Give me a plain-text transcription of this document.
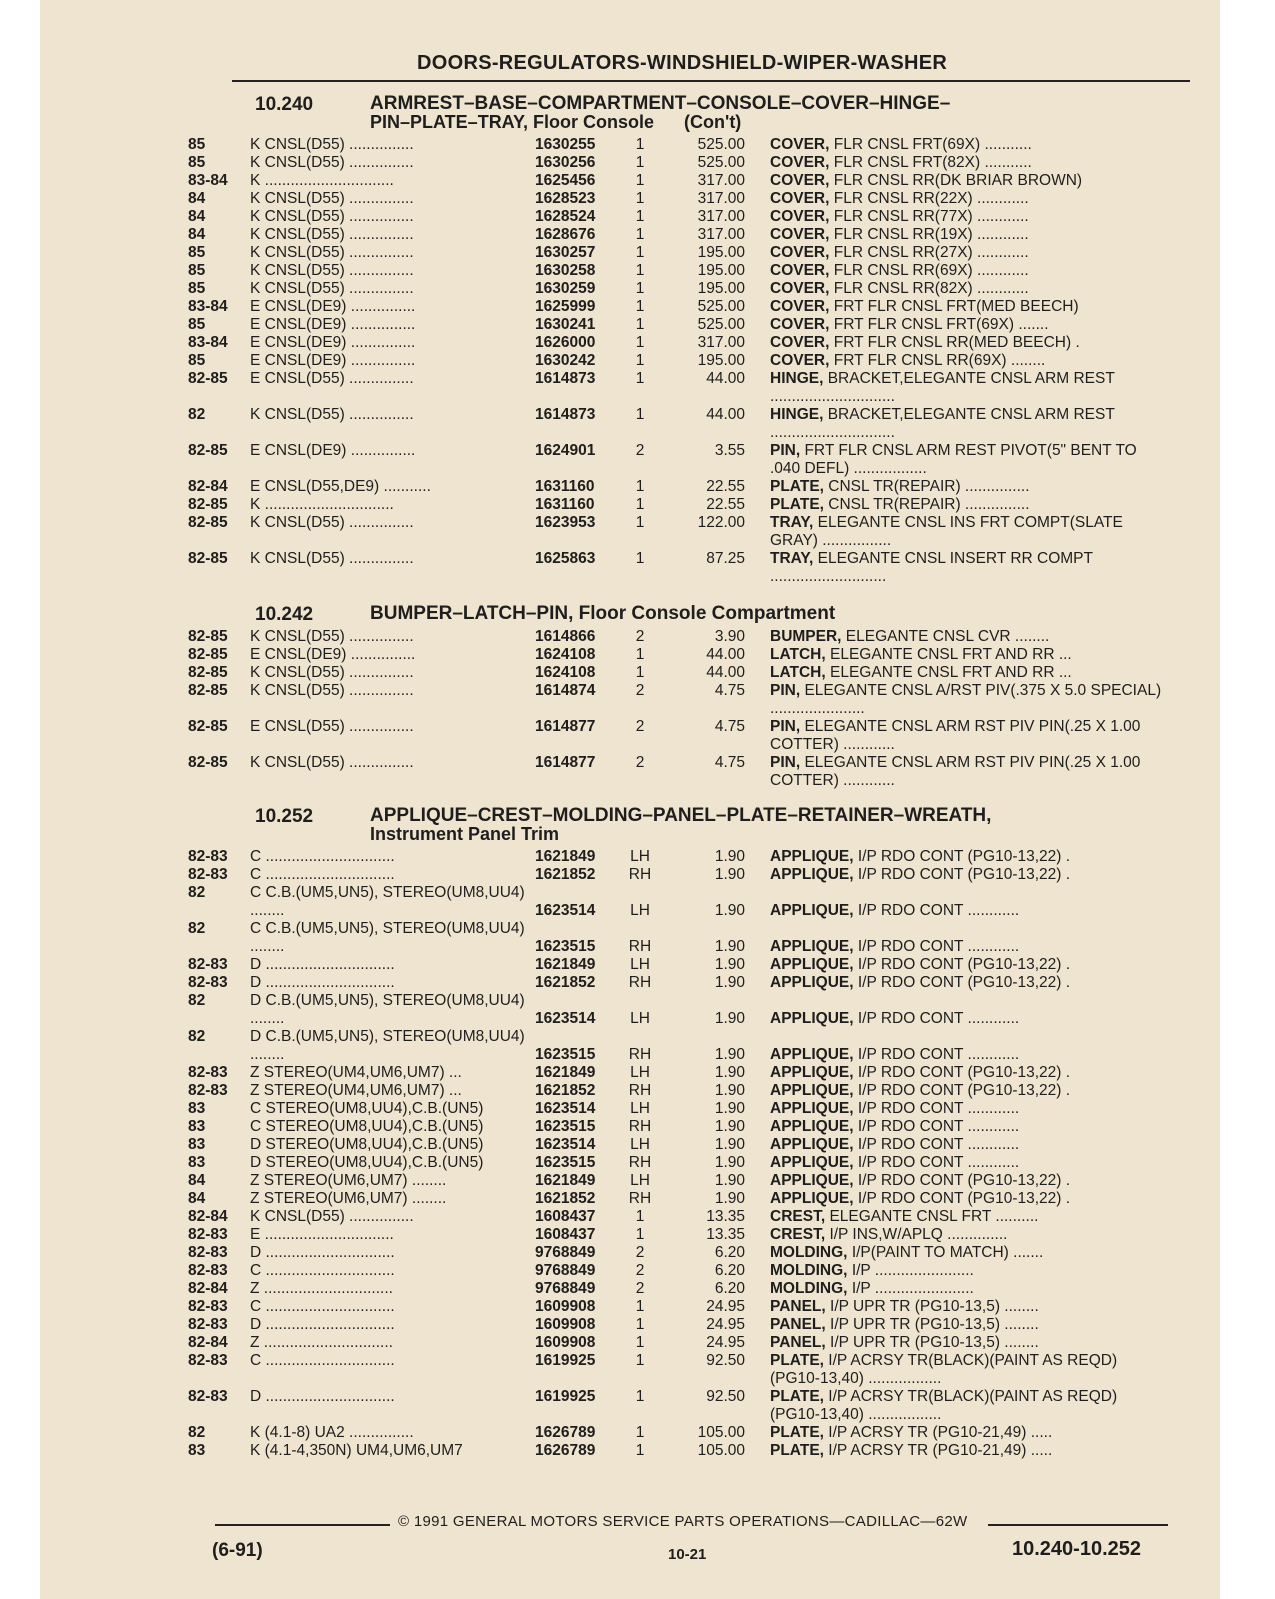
DOORS-REGULATORS-WINDSHIELD-WIPER-WASHER
10.240	ARMREST–BASE–COMPARTMENT–CONSOLE–COVER–HINGE–
PIN–PLATE–TRAY, Floor Console      (Con't)
85	K CNSL(D55) ...............	1630255	1	525.00 COVER, FLR CNSL FRT(69X) ...........
85	K CNSL(D55) ...............	1630256	1	525.00 COVER, FLR CNSL FRT(82X) ...........
83-84 K ..............................	1625456	1	317.00 COVER, FLR CNSL RR(DK BRIAR BROWN)
84	K CNSL(D55) ...............	1628523	1	317.00 COVER, FLR CNSL RR(22X) ............
84	K CNSL(D55) ...............	1628524	1	317.00 COVER, FLR CNSL RR(77X) ............
84	K CNSL(D55) ...............	1628676	1	317.00 COVER, FLR CNSL RR(19X) ............
85	K CNSL(D55) ...............	1630257	1	195.00 COVER, FLR CNSL RR(27X) ............
85	K CNSL(D55) ...............	1630258	1	195.00 COVER, FLR CNSL RR(69X) ............
85	K CNSL(D55) ...............	1630259	1	195.00 COVER, FLR CNSL RR(82X) ............
83-84 E CNSL(DE9) ...............	1625999	1	525.00 COVER, FRT FLR CNSL FRT(MED BEECH)
85	E CNSL(DE9) ...............	1630241	1	525.00 COVER, FRT FLR CNSL FRT(69X) .......
83-84 E CNSL(DE9) ...............	1626000	1	317.00 COVER, FRT FLR CNSL RR(MED BEECH) .
85	E CNSL(DE9) ...............	1630242	1	195.00 COVER, FRT FLR CNSL RR(69X) ........
82-85 E CNSL(D55) ...............	1614873	1	44.00 HINGE, BRACKET,ELEGANTE CNSL ARM REST .............................
82	K CNSL(D55) ...............	1614873	1	44.00 HINGE, BRACKET,ELEGANTE CNSL ARM REST .............................
82-85 E CNSL(DE9) ...............	1624901	2	3.55 PIN, FRT FLR CNSL ARM REST PIVOT(5" BENT TO .040 DEFL) .................
82-84 E CNSL(D55,DE9) ...........	1631160	1	22.55 PLATE, CNSL TR(REPAIR) ...............
82-85 K ..............................	1631160	1	22.55 PLATE, CNSL TR(REPAIR) ...............
82-85 K CNSL(D55) ...............	1623953	1	122.00 TRAY, ELEGANTE CNSL INS FRT COMPT(SLATE GRAY) ................
82-85 K CNSL(D55) ...............	1625863	1	87.25 TRAY, ELEGANTE CNSL INSERT RR COMPT ...........................
10.242	BUMPER–LATCH–PIN, Floor Console Compartment
82-85 K CNSL(D55) ...............	1614866	2	3.90 BUMPER, ELEGANTE CNSL CVR ........
82-85 E CNSL(DE9) ...............	1624108	1	44.00 LATCH, ELEGANTE CNSL FRT AND RR ...
82-85 K CNSL(D55) ...............	1624108	1	44.00 LATCH, ELEGANTE CNSL FRT AND RR ...
82-85 K CNSL(D55) ...............	1614874	2	4.75 PIN, ELEGANTE CNSL A/RST PIV(.375 X 5.0 SPECIAL) ......................
82-85 E CNSL(D55) ...............	1614877	2	4.75 PIN, ELEGANTE CNSL ARM RST PIV PIN(.25 X 1.00 COTTER) ............
82-85 K CNSL(D55) ...............	1614877	2	4.75 PIN, ELEGANTE CNSL ARM RST PIV PIN(.25 X 1.00 COTTER) ............
10.252	APPLIQUE–CREST–MOLDING–PANEL–PLATE–RETAINER–WREATH,
Instrument Panel Trim
82-83 C ..............................	1621849	LH	1.90 APPLIQUE, I/P RDO CONT (PG10-13,22) .
82-83 C ..............................	1621852 RH	1.90 APPLIQUE, I/P RDO CONT (PG10-13,22) .
82	C C.B.(UM5,UN5), STEREO(UM8,UU4) ........	1623514	LH	1.90 APPLIQUE, I/P RDO CONT ............
82	C C.B.(UM5,UN5), STEREO(UM8,UU4) ........	1623515 RH	1.90 APPLIQUE, I/P RDO CONT ............
82-83 D ..............................	1621849	LH	1.90 APPLIQUE, I/P RDO CONT (PG10-13,22) .
82-83 D ..............................	1621852 RH	1.90 APPLIQUE, I/P RDO CONT (PG10-13,22) .
82	D C.B.(UM5,UN5), STEREO(UM8,UU4) ........	1623514	LH	1.90 APPLIQUE, I/P RDO CONT ............
82	D C.B.(UM5,UN5), STEREO(UM8,UU4) ........	1623515 RH	1.90 APPLIQUE, I/P RDO CONT ............
82-83 Z STEREO(UM4,UM6,UM7) ...	1621849	LH	1.90 APPLIQUE, I/P RDO CONT (PG10-13,22) .
82-83 Z STEREO(UM4,UM6,UM7) ...	1621852 RH	1.90 APPLIQUE, I/P RDO CONT (PG10-13,22) .
83	C STEREO(UM8,UU4),C.B.(UN5)	1623514	LH	1.90 APPLIQUE, I/P RDO CONT ............
83	C STEREO(UM8,UU4),C.B.(UN5)	1623515 RH	1.90 APPLIQUE, I/P RDO CONT ............
83	D STEREO(UM8,UU4),C.B.(UN5)	1623514	LH	1.90 APPLIQUE, I/P RDO CONT ............
83	D STEREO(UM8,UU4),C.B.(UN5)	1623515 RH	1.90 APPLIQUE, I/P RDO CONT ............
84	Z STEREO(UM6,UM7) ........	1621849	LH	1.90 APPLIQUE, I/P RDO CONT (PG10-13,22) .
84	Z STEREO(UM6,UM7) ........	1621852 RH	1.90 APPLIQUE, I/P RDO CONT (PG10-13,22) .
82-84 K CNSL(D55) ...............	1608437	1	13.35 CREST, ELEGANTE CNSL FRT ..........
82-83 E ..............................	1608437	1	13.35 CREST, I/P INS,W/APLQ ..............
82-83 D ..............................	9768849	2	6.20 MOLDING, I/P(PAINT TO MATCH) .......
82-83 C ..............................	9768849	2	6.20 MOLDING, I/P .......................
82-84 Z ..............................	9768849	2	6.20 MOLDING, I/P .......................
82-83 C ..............................	1609908	1	24.95 PANEL, I/P UPR TR (PG10-13,5) ........
82-83 D ..............................	1609908	1	24.95 PANEL, I/P UPR TR (PG10-13,5) ........
82-84 Z ..............................	1609908	1	24.95 PANEL, I/P UPR TR (PG10-13,5) ........
82-83 C ..............................	1619925	1	92.50 PLATE, I/P ACRSY TR(BLACK)(PAINT AS REQD) (PG10-13,40) .................
82-83 D ..............................	1619925	1	92.50 PLATE, I/P ACRSY TR(BLACK)(PAINT AS REQD) (PG10-13,40) .................
82	K (4.1-8) UA2 ...............	1626789	1	105.00 PLATE, I/P ACRSY TR (PG10-21,49) .....
83	K (4.1-4,350N) UM4,UM6,UM7	1626789	1	105.00 PLATE, I/P ACRSY TR (PG10-21,49) .....
© 1991 GENERAL MOTORS SERVICE PARTS OPERATIONS—CADILLAC—62W
(6-91)	10-21	10.240-10.252
